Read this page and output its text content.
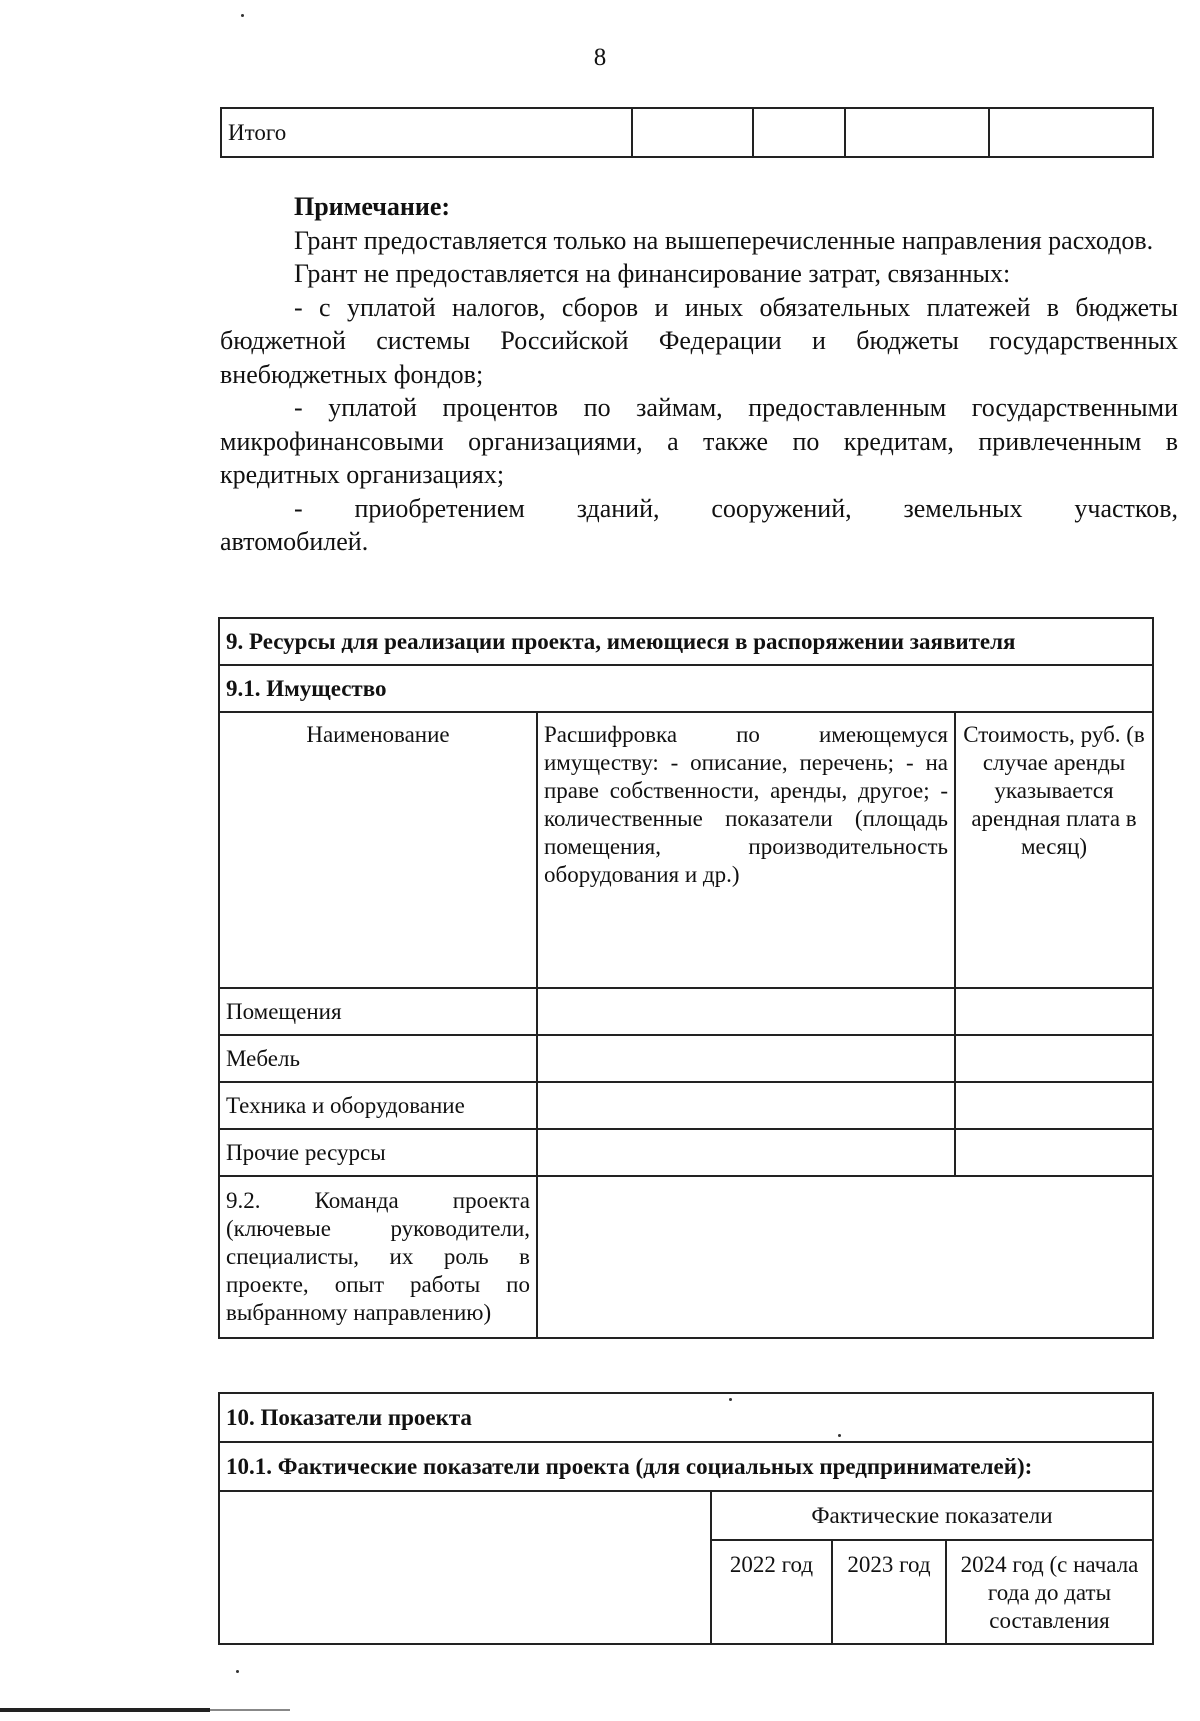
8
Итого				

Примечание:

Грант предоставляется только на вышеперечисленные направления расходов.

Грант не предоставляется на финансирование затрат, связанных:

- с уплатой налогов, сборов и иных обязательных платежей в бюджеты бюджетной системы Российской Федерации и бюджеты государственных внебюджетных фондов;

- уплатой процентов по займам, предоставленным государственными микрофинансовыми организациями, а также по кредитам, привлеченным в кредитных организациях;

- приобретением зданий, сооружений, земельных участков, автомобилей.

9. Ресурсы для реализации проекта, имеющиеся в распоряжении заявителя		
9.1. Имущество		
Наименование	Расшифровка по имеющемуся имуществу: - описание, перечень; - на праве собственности, аренды, другое; - количественные показатели (площадь помещения, производительность оборудования и др.)	Стоимость, руб. (в случае аренды указывается арендная плата в месяц)
Помещения		
Мебель		
Техника и оборудование		
Прочие ресурсы		
9.2. Команда проекта (ключевые руководители, специалисты, их роль в проекте, опыт работы по выбранному направлению)		
10. Показатели проекта			
10.1. Фактические показатели проекта (для социальных предпринимателей):			
	Фактические показатели		
	2022 год	2023 год	2024 год (с начала года до даты составления
